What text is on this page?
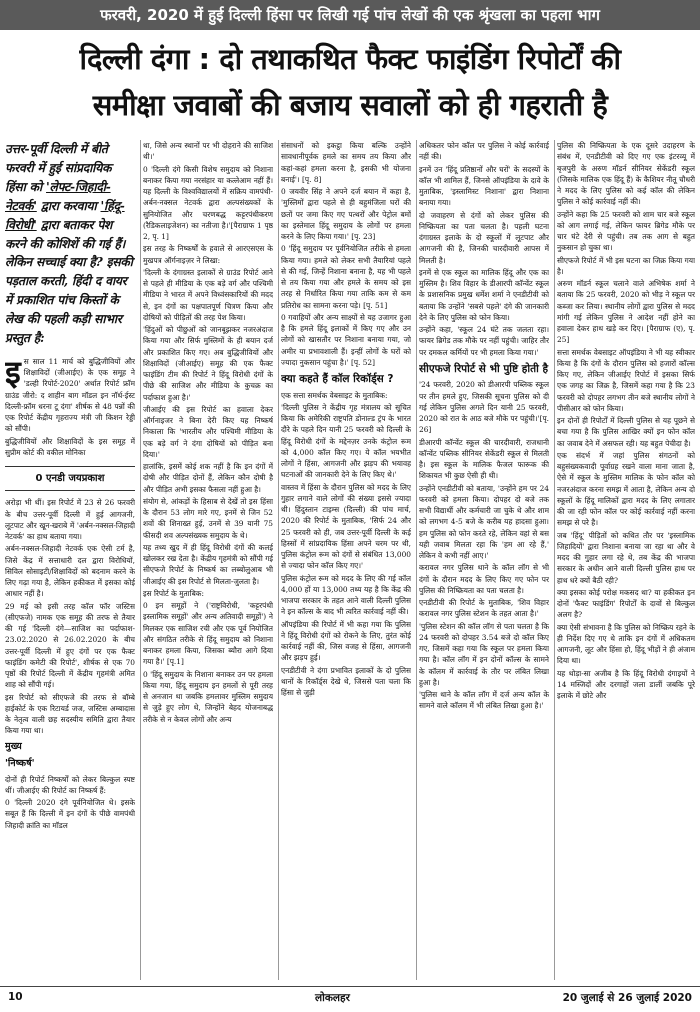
फरवरी, 2020 में हुई दिल्ली हिंसा पर लिखी गई पांच लेखों की एक श्रृंखला का पहला भाग
दिल्ली दंगा : दो तथाकथित फैक्ट फाइंडिंग रिपोर्टों की
समीक्षा जवाबों की बजाय सवालों को ही गहराती है
उत्तर-पूर्वी दिल्ली में बीते फरवरी में हुई सांप्रदायिक हिंसा को 'लेफ्ट-जिहादी-नेटवर्क' द्वारा करवाया 'हिंदू-विरोधी' द्वारा बताकर पेश करने की कोशिशें की गई हैं। लेकिन सच्चाई क्या है? इसकी पड़ताल करती, हिंदी द वायर में प्रकाशित पांच किस्तों के लेख की पहली कड़ी साभार प्रस्तुत है:

इस साल 11 मार्च को बुद्धिजीवियों और शिक्षाविदों (जीआईए) के एक समूह ने 'डल्ही रिपोर्ट-2020' अर्थात रिपोर्ट फ्रॉम ग्राउंड जीरो: द शाहीन बाग मॉडल इन नॉर्थ-ईस्ट दिल्ली-फ्रॉम धरना टू दंगा' शीर्षक से 48 पन्नों की एक रिपोर्ट केंद्रीय गृहराज्य मंत्री जी किशन रेड्डी को सौंपी।

बुद्धिजीवियों और शिक्षाविदों के इस समूह में सुप्रीम कोर्ट की वकील मोनिका

0 एनडी जयप्रकाश

अरोड़ा भी थीं। इस रिपोर्ट में 23 से 26 फरवरी के बीच उत्तर-पूर्वी दिल्ली में हुई आगजनी, लूटपाट और खून-खराबे में 'अर्बन-नक्सल-जिहादी नेटवर्क' का हाथ बताया गया।

अर्बन-नक्सल-जिहादी नेटवर्क एक ऐसी टर्म है, जिसे केंद्र में सत्ताधारी दल द्वारा विरोधियों, सिविल सोसाइटी/शिक्षाविदों को बदनाम करने के लिए गढ़ा गया है, लेकिन हकीकत में इसका कोई आधार नहीं है।

29 मई को इसी तरह कॉल फॉर जस्टिस (सीएफजे) नामक एक समूह की तरफ से तैयार की गई 'दिल्ली दंगे—साजिश का पर्दाफाश- 23.02.2020 से 26.02.2020 के बीच उत्तर-पूर्वी दिल्ली में हुए दंगों पर एक फैक्ट फाइंडिंग कमेटी की रिपोर्ट', शीर्षक से एक 70 पृष्ठों की रिपोर्ट दिल्ली में केंद्रीय गृहमंत्री अमित शाह को सौंपी गई।

इस रिपोर्ट को सीएफजे की तरफ से बॉम्बे हाईकोर्ट के एक रिटायर्ड जज, जस्टिस अम्बादास के नेतृत्व वाली छह सदस्यीय समिति द्वारा तैयार किया गया था।

मुख्य
'निष्कर्ष'

दोनों ही रिपोर्ट निष्कर्षों को लेकर बिल्कुल स्पष्ट थीं। जीआईए की रिपोर्ट का निष्कर्ष हैं:

0 'दिल्ली 2020 दंगे पूर्वनियोजित थे। इसके सबूत हैं कि दिल्ली में इन दंगों के पीछे वामपंथी जिहादी क्रांति का मॉडल

था, जिसे अन्य स्थानों पर भी दोहराने की साजिश थी।'

0 'दिल्ली दंगे किसी विशेष समुदाय को निशाना बनाकर किया गया नरसंहार या कत्लेआम नहीं हैं। यह दिल्ली के विश्वविद्यालयों में सक्रिय वामपंथी-अर्बन-नक्सल नेटवर्क द्वारा अल्पसंख्यकों के सुनियोजित और चरणबद्ध कट्टरपंथीकरण (रैडिकलाइजेशन) का नतीजा है।'[पैराग्राफ 1 पृष्ठ 2, पृ. 1]

इस तरह के निष्कर्षों के हवाले से आरएसएस के मुखपत्र ऑर्गनाइज़र ने लिखा:

'दिल्ली के दंगाग्रस्त इलाकों से ग्राउंड रिपोर्ट आने से पहले ही मीडिया के एक बड़े वर्ग और पश्चिमी मीडिया ने भारत में अपने विध्वंसकारियों की मदद से, इन दंगों का पक्षपातपूर्ण चित्रण किया और दोषियों को पीड़ितों की तरह पेश किया।

'हिंदुओं को पीछुओं को जानबूझकर नजरअंदाज किया गया और सिर्फ मुस्लिमों के ही बयान दर्ज और प्रकाशित किए गए। अब बुद्धिजीवियों और शिक्षाविदों (जीआईए) समूह की एक फैक्ट फाइंडिंग टीम की रिपोर्ट ने हिंदू विरोधी दंगों के पीछे की साजिश और मीडिया के कुचक्र का पर्दाफाश हुआ है।'

जीआईए की इस रिपोर्ट का हवाला देकर ऑर्गनाइजर ने बिना देरी किए यह निष्कर्ष निकाला कि 'भारतीय और पश्चिमी मीडिया के एक बड़े वर्ग ने दंगा दोषियों को पीड़ित बना दिया।'

हालांकि, इसमें कोई शक नहीं है कि इन दंगों में दोषी और पीड़ित दोनों हैं, लेकिन कौन दोषी है और पीड़ित अभी इसका फैसला नहीं हुआ है।

संयोग से, आंकड़ों के हिसाब से देखें तो इस हिंसा के दौरान 53 लोग मारे गए, इनमें से जिन 52 शवों की शिनाख्त हुई, उनमें से 39 यानी 75 फीसदी शव अल्पसंख्यक समुदाय के थे।

यह तथ्य खुद में ही हिंदू विरोधी दंगों की कलई खोलकर रख देता है। केंद्रीय गृहमंत्री को सौंपी गई सीएफजे रिपोर्ट के निष्कर्ष का लब्बोलुआब भी जीआईए की इस रिपोर्ट से मिलता-जुलता है।

इस रिपोर्ट के मुताबिक:

0 इन समूहों ने ('राष्ट्रविरोधी, 'कट्टरपंथी इस्लामिक समूहों' और अन्य अतिवादी समूहों') ने मिलकर एक साजिश रची और एक पूर्व नियोजित और संगठित तरीके से हिंदू समुदाय को निशाना बनाकर हमला किया, जिसका ब्यौरा आगे दिया गया है।' [पृ.1]

0 'हिंदू समुदाय के निशाना बनाकर उन पर हमला किया गया, हिंदू समुदाय इन हमलों से पूरी तरह से अनजान था जबकि हमलावर मुस्लिम समुदाय से जुड़े हुए लोग थे, जिन्होंने बेहद योजनाबद्ध तरीके से न केवल लोगों और अन्य

संसाधनों को इकट्ठा किया बल्कि उन्होंने सावधानीपूर्वक हमले का समय तय किया और कहां-कहां हमला करना है, इसकी भी योजना बनाई'। [पृ. 8]

0 जयवीर सिंह ने अपने दर्ज बयान में कहा है, 'मुस्लिमों द्वारा पहले से ही बहुमंजिला घरों की छतों पर जमा किए गए पत्थरों और पेट्रोल बमों का इस्तेमाल हिंदू समुदाय के लोगों पर हमला करने के लिए किया गया।' [पृ. 23]

0 'हिंदू समुदाय पर पूर्वनियोजित तरीके से हमला किया गया। हमले को लेकर सभी तैयारियां पहले से की गई, जिन्हें निशाना बनाना है, यह भी पहले से तय किया गया और हमले के समय को इस तरह से निर्धारित किया गया ताकि कम से कम प्रतिरोध का सामना करना पड़े। [पृ. 51]

0 गवाहियों और अन्य साक्ष्यों से यह उजागर हुआ है कि हमले हिंदू इलाकों में किए गए और उन लोगों को खासतौर पर निशाना बनाया गया, जो अमीर या प्रभावशाली हैं। इन्हीं लोगों के घरों को ज्यादा नुकसान पहुंचा है।' [पृ. 52]

क्या कहते हैं कॉल रिकॉर्ड्स ?

एक सत्ता समर्थक वेबसाइट के मुताबिक:

'दिल्ली पुलिस ने केंद्रीय गृह मंत्रालय को सूचित किया कि अमेरिकी राष्ट्रपति डोनाल्ड ट्रंप के भारत दौरे के पहले दिन यानी 25 फरवरी को दिल्ली के हिंदू विरोधी दंगों के मद्देनज़र उनके कंट्रोल रूम को 4,000 कॉल किए गए। ये कॉल भयभीत लोगों ने हिंसा, आगजनी और झड़प की भयावह घटनाओं की जानकारी देने के लिए किए थे।'

वास्तव में हिंसा के दौरान पुलिस को मदद के लिए गुहार लगाने वाले लोगों की संख्या इससे ज्यादा थी। हिंदुस्तान टाइम्स (दिल्ली) की पांच मार्च, 2020 की रिपोर्ट के मुताबिक, 'सिर्फ 24 और 25 फरवरी को ही, जब उत्तर-पूर्वी दिल्ली के कई हिस्सों में सांप्रदायिक हिंसा अपने चरम पर थी, पुलिस कंट्रोल रूम को दंगों से संबंधित 13,000 से ज्यादा फोन कॉल किए गए।'

पुलिस कंट्रोल रूम को मदद के लिए की गई कॉल 4,000 हों या 13,000 तथ्य यह है कि केंद्र की भाजपा सरकार के तहत आने वाली दिल्ली पुलिस ने इन कॉल्स के बाद भी त्वरित कार्रवाई नहीं की।

ऑपइंडिया की रिपोर्ट में भी कहा गया कि पुलिस ने हिंदू विरोधी दंगों को रोकने के लिए, तुरंत कोई कार्रवाई नहीं की, जिस वजह से हिंसा, आगजनी और झड़प हुई।

एनडीटीवी ने दंगा प्रभावित इलाकों के दो पुलिस थानों के रिकॉर्ड्स देखे थे, जिससे पता चला कि हिंसा से जुड़ी

अधिकतर फोन कॉल पर पुलिस ने कोई कार्रवाई नहीं की।

इनमें उन 'हिंदू प्रतिष्ठानों और घरों' के सदस्यों के कॉल भी शामिल हैं, जिनसे ऑपइंडिया के दावे के मुताबिक, 'इस्लामिस्ट निशाना' द्वारा निशाना बनाया गया।

दो जवाहरण से दंगों को लेकर पुलिस की निष्क्रियता का पता चलता है। पहली घटना दंगाग्रस्त इलाके के दो स्कूलों में लूटपाट और आगजनी की है, जिनकी चारदीवारी आपस में मिलती है।

इनमें से एक स्कूल का मालिक हिंदू और एक का मुस्लिम है। शिव विहार के डीआरपी कॉन्वेंट स्कूल के प्रशासनिक प्रमुख धर्मेश शर्मा ने एनडीटीवी को बताया कि उन्होंने 'सबसे पहले' दंगे की जानकारी देने के लिए पुलिस को फोन किया।

उन्होंने कहा, 'स्कूल 24 घंटे तक जलता रहा। फायर ब्रिगेड तक मौके पर नहीं पहुंची। जाहिर तौर पर दमकल कर्मियों पर भी हमला किया गया।'

सीएफजे रिपोर्ट से भी पुष्टि होती है

'24 फरवरी, 2020 को डीआरपी पब्लिक स्कूल पर तीन हमले हुए, जिसकी सूचना पुलिस को दी गई लेकिन पुलिस अगले दिन यानी 25 फरवरी, 2020 को रात के आठ बजे मौके पर पहुंची।'[पृ. 26]

डीआरपी कॉन्वेंट स्कूल की चारदीवारी, राजधानी कॉन्वेंट पब्लिक सीनियर सेकेंडरी स्कूल से मिलती है। इस स्कूल के मालिक फैजल फारूक की शिकायत भी कुछ ऐसी ही थी।

उन्होंने एनडीटीवी को बताया, 'उन्होंने हम पर 24 फरवरी को हमला किया। दोपहर दो बजे तक सभी विद्यार्थी और कर्मचारी जा चुके थे और शाम को लगभग 4-5 बजे के करीब यह हादसा हुआ। हम पुलिस को फोन करते रहे, लेकिन वहां से बस यही जवाब मिलता रहा कि 'हम आ रहे हैं,' लेकिन वे कभी नहीं आए।'

करावल नगर पुलिस थाने के कॉल लॉग से भी दंगों के दौरान मदद के लिए किए गए फोन पर पुलिस की निष्क्रियता का पता चलता है।

एनडीटीवी की रिपोर्ट के मुताबिक, 'शिव विहार करावल नगर पुलिस स्टेशन के तहत आता है।'

'पुलिस स्टेशन की कॉल लॉग से पता चलता है कि 24 फरवरी को दोपहर 3.54 बजे दो कॉल किए गए, जिसमें कहा गया कि स्कूल पर हमला किया गया है। कॉल लॉग में इन दोनों कॉल्स के सामने के कॉलम में कार्रवाई के तौर पर लंबित लिखा हुआ है।

'पुलिस थाने के कॉल लॉग में दर्ज अन्य कॉल के सामने वाले कॉलम में भी लंबित लिखा हुआ है।'

पुलिस की निष्क्रियता के एक दूसरे उदाहरण के संबंध में, एनडीटीवी को दिए गए एक इंटरव्यू में बृजपुरी के अरुण मॉडर्न सीनियर सेकेंडरी स्कूल (जिसके मालिक एक हिंदू हैं) के कैशियर नीतू चौधरी ने मदद के लिए पुलिस को कई कॉल की लेकिन पुलिस ने कोई कार्रवाई नहीं की।

उन्होंने कहा कि 25 फरवरी को शाम चार बजे स्कूल को आग लगाई गई, लेकिन फायर ब्रिगेड मौके पर चार घंटे देरी से पहुंची। तब तक आग से बहुत नुकसान हो चुका था।

सीएफजे रिपोर्ट में भी इस घटना का जिक्र किया गया है।

अरुण मॉडर्न स्कूल चलाने वाले अभिषेक शर्मा ने बताया कि 25 फरवरी, 2020 को भीड़ ने स्कूल पर कब्जा कर लिया। स्थानीय लोगों द्वारा पुलिस से मदद मांगी गई लेकिन पुलिस ने आदेश नहीं होने का हवाला देकर हाथ खड़े कर दिए। [पैराग्राफ (ए), पृ. 25]

सत्ता समर्थक वेबसाइट ऑपइंडिया ने भी यह स्वीकार किया है कि दंगों के दौरान पुलिस को हजारों कॉल्स किए गए, लेकिन जीआईए रिपोर्ट में इसका सिर्फ एक जगह का जिक्र है, जिसमें कहा गया है कि 23 फरवरी को दोपहर लगभग तीन बजे स्थानीय लोगों ने पीसीआर को फोन किया।

इन दोनों ही रिपोर्टों में दिल्ली पुलिस से यह पूछने से बचा गया है कि पुलिस आखिर क्यों इन फोन कॉल का जवाब देने में असफल रही। यह बहुत पेचीदा है।

एक संदर्भ में जहां पुलिस संगठनों को बहुसंख्यकवादी पूर्वाग्रह रखने वाला माना जाता है, ऐसे में स्कूल के मुस्लिम मालिक के फोन कॉल को नजरअंदाज करना समझ में आता है, लेकिन अन्य दो स्कूलों के हिंदू मालिकों द्वारा मदद के लिए लगातार की जा रही फोन कॉल पर कोई कार्रवाई नहीं करना समझ से परे है।

जब 'हिंदू' पीड़ितों को कथित तौर पर 'इस्लामिक जिहादियों' द्वारा निशाना बनाया जा रहा था और वे मदद की गुहार लगा रहे थे, तब केंद्र की भाजपा सरकार के अधीन आने वाली दिल्ली पुलिस हाथ पर हाथ धरे क्यों बैठी रही?

क्या इसका कोई परोक्ष मकसद था? या हकीकत इन दोनों 'फैक्ट फाइंडिंग' रिपोर्टों के दावों से बिल्कुल अलग है?

क्या ऐसी संभावना है कि पुलिस को निष्क्रिय रहने के ही निर्देश दिए गए थे ताकि इन दंगों में अधिकतम आगजनी, लूट और हिंसा हो, हिंदू भीड़ों ने ही अंजाम दिया था।

यह थोड़ा-सा अजीब है कि हिंदू विरोधी दंगाइयों ने 14 मस्जिदों और दरगाहों जला डालीं जबकि पूरे इलाके में छोटे और

10	लोकलहर	20 जुलाई से 26 जुलाई 2020
